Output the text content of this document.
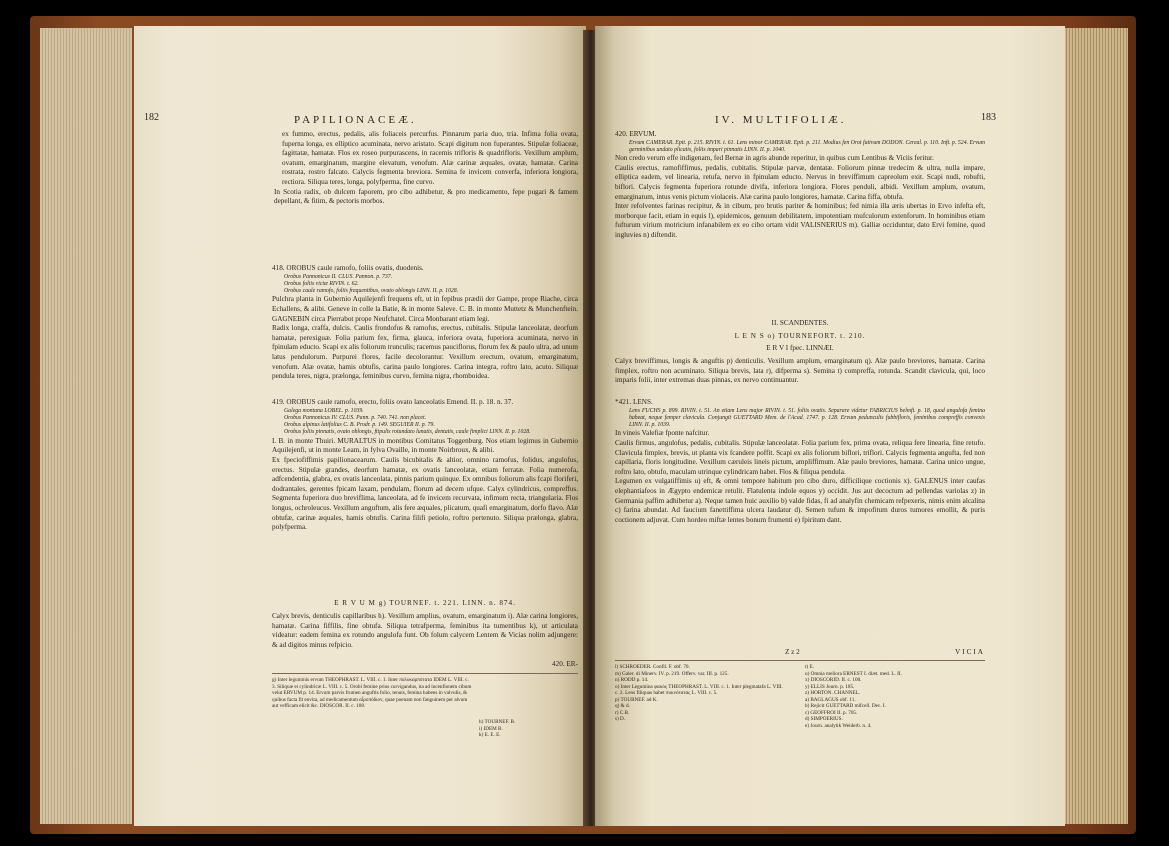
182	PAPILIONACEÆ.

ex fummo, erectus, pedalis, alis foliaceis percurfus. Pinnarum paria duo, tria. Infima folia ovata, fuperna longa, ex elliptico acuminata, nervo aristato. Scapi digitum non fuperantes. Stipulæ foliaceæ, fagittatæ, hamatæ. Flos ex roseo purpurascens, in racemis trifloris & quadrifloris. Vexillum amplum, ovatum, emarginatum, margine elevatum, venofum. Alæ carinæ æquales, ovatæ, hamatæ. Carina rostrata, rostro falcato. Calycis fegmenta breviora. Semina fe invicem converfa, inferiora longiora, rectiora. Siliqua teres, longa, polyfperma, fine curvo.

In Scotia radix, ob dulcem faporem, pro cibo adhibetur, & pro medicamento, fepe pugari & famem depellant, & fitim, & pectoris morbos.

418. OROBUS caule ramofo, foliis ovatis, duodenis.

Orobus Pannonicus II. CLUS. Pannon. p. 737.

Orobus foliis viciæ RIVIN. t. 62.

Orobus caule ramofo, foliis frequentibus, ovato oblongis LINN. II. p. 1028.

Pulchra planta in Gubernio Aquilejenfi frequens eft, ut in fepibus prædii der Gampe, prope Riache, circa Echallens, & alibi. Geneve in colle la Batie, & in monte Saleve. C. B. in monte Muttetz & Munchenftein. GAGNEBIN circa Pierrabot prope Neufchatel. Circa Monbarant etiam legi.

Radix longa, craffa, dulcis. Caulis frondofus & ramofus, erectus, cubitalis. Stipulæ lanceolatæ, deorfum hamatæ, perexiguæ. Folia parium fex, firma, glauca, inferiora ovata, fuperiora acuminata, nervo in fpinulam educto. Scapi ex alis foliorum trunculis; racemus pauciflorus, florum fex & paulo ultra, ad unum latus pendulorum. Purpurei flores, facile decolorantur. Vexillum erectum, ovatum, emarginatum, venofum. Alæ ovatæ, hamis obtufis, carina paulo longiores. Carina integra, roftro lato, acuto. Siliquæ pendula teres, nigra, prælonga, feminibus curvo, femina nigra, rhomboidea.

419. OROBUS caule ramofo, erecto, foliis ovato lanceolatis Emend. II. p. 18. n. 37.

Galega montana LOBEL. p. 1039.

Orobus Pannonicus IV. CLUS. Pann. p. 740. 741. non placet.

Orobus alpinus latifolius C. B. Prodr. p. 149. SEGUIER II. p. 79.

Orobus foliis pinnatis, ovato oblongis, ftipulis rotundato lunatis, dentatis, caule fimplici LINN. II. p. 1028.

I. B. in monte Thuiri. MURALTUS in montibus Comitatus Toggenburg. Nos etiam legimus in Gubernio Aquilejenfi, ut in monte Leam, in fylva Ovaille, in monte Noirbroux, & alibi.

Ex fpeciofiffimis papilionacearum. Caulis bicubitalis & altior, omnino ramofus, folidus, angulofus, erectus. Stipulæ grandes, deorfum hamatæ, ex ovatis lanceolatæ, etiam ferratæ. Folia numerofa, adfcendentia, glabra, ex ovatis lanceolata, pinnis parium quinque. Ex omnibus foliorum alis fcapi floriferi, dodrantales, gerentes fpicam laxam, pendulam, florum ad decem ufque. Calyx cylindricus, compreffus. Segmenta fuperiora duo breviflima, lanceolata, ad fe invicem recurvata, infimum recta, triangularia. Flos longus, ochroleucus. Vexillum anguftum, alis fere æquales, plicatum, quafi emarginatum, dorfo flavo. Alæ obtufæ, carinæ æquales, hamis obtufis. Carina filifi petiolo, roftro pertenuto. Siliqua prælonga, glabra, polyfperma.

E R V U M g) TOURNEF. t. 221. LINN. n. 874.
Calyx brevis, denticulis capillaribus h). Vexillum amplius, ovatum, emarginatum i). Alæ carina longiores, hamatæ. Carina fiffilis, fine obtufa. Siliqua tetrafperma, feminibus ita tumentibus k), ut articulata videatur: eadem femina ex rotundo angulofa funt. Ob folum calycem Lentem & Vicias nolim adjungere: & ad digitos minus refpicio.
420. ER-
g) Inter leguminis ervum THEOPHRAST. L. VIII. c. 1. Inter πολυκαρπότατα IDEM L. VIII. c. 3. Siliquæ ei cylindricæ L. VIII. c. 5. Orobi femine prius curvigandus, ita ad incenfionem cibum velut ERVUM p. 14. Ervum parvis frumen anguftis folio, tenuis, femina habens in valvulis, & quibus facta fit envita, ad medicamentum αἶροπόδιον, quae poenam non fanguinem per alvum aut vefficam elicit &c. DIOSCOR. II. c. 108.
h) TOURNEF. B.
i) IDEM B.
k) E. E. E.
IV. MULTIFOLIÆ.	183

420. ERVUM.

Ervum CAMERAR. Epit. p. 215. RIVIN. t. 61. Lens minor CAMERAR. Epit. p. 211. Modius fen Orot fativum DODON. Cereal. p. 110. Inft. p. 524. Ervum germinibus undato plicatis, foliis impari pinnatis LINN. II. p. 1040.

Non credo verum effe indigenam, fed Bernæ in agris abunde reperitur, in quibus cum Lentibus & Viciis feritur.

Caulis erectus, ramofiffimus, pedalis, cubitalis. Stipulæ parvæ, dentatæ. Foliorum pinnæ tredecim & ultra, nulla impare, elliptica eadem, vel linearia, retufa, nervo in fpinulam educto. Nervus in breviffimum capreolum exit. Scapi nudi, robufti, biflori. Calycis fegmenta fuperiora rotunde divifa, inferiora longiora. Flores penduli, albidi. Vexillum amplum, ovatum, emarginatum, intus venis pictum violaceis. Alæ carina paulo longiores, hamatæ. Carina fiffa, obtufa.

Inter refolventes farinas recipitur, & in cibum, pro brutis pariter & hominibus; fed nimia illa æris ubertas in Ervo infefta eft, morborque facit, etiam in equis l), epidemicos, genuum debilitatem, impotentiam mufculorum extenforum. In hominibus etiam fufturum virium motricium infanabilem ex eo cibo ortam vidit VALISNERIUS m). Galliæ occiduntur, dato Ervi femine, quod ingluvies n) diftendit.

II. SCANDENTES.
L E N S o) TOURNEFORT. t. 210.
E R V I fpec. LINNÆI.
Calyx breviffimus, longis & anguftis p) denticulis. Vexillum amplum, emarginatum q). Alæ paulo breviores, hamatæ. Carina fimplex, roftro non acuminato. Siliqua brevis, lata r), difperma s). Semina t) compreffa, rotunda. Scandit clavicula, qui, loco imparis folii, inter extremas duas pinnas, ex nervo continuantur.

*421. LENS.

Lens FUCHS p. 899. RIVIN. t. 51. An etiam Lens major RIVIN. t. 51. foliis ovatis. Separare videtur FABRICIUS helmft. p. 18, quod angulofa femina habeat, neque femper clavicula. Conjungit GUETTARD Mem. de l'Acad. 1747. p. 128. Ervum pedunculis fubbifloris, feminibus compreffis convexis LINN. II. p. 1039.

In vineis Valefiæ fponte nafcitur.

Caulis firmus, angulofus, pedalis, cubitalis. Stipulæ lanceolatæ. Folia parium fex, prima ovata, reliqua fere linearia, fine retufo. Clavicula fimplex, brevis, ut planta vix fcandere poffit. Scapi ex alis foliorum biflori, triflori. Calycis fegmenta angufta, fed non capillaria, floris longitudine. Vexillum cæruleis lineis pictum, ampliffimum. Alæ paulo breviores, hamatæ. Carina unico ungue, roftro lato, obtufo, maculam utrinque cylindricam habet. Flos & filiqua pendula.

Legumen ex vulgatiffimis u) eft, & omni tempore habitum pro cibo duro, difficilique coctionis x). GALENUS inter caufas elephantiafeos in Ægypto endemicæ retulit. Flatulenta indole equos y) occidit. Jus aut decoctum ad pellendas variolas z) in Germania paffim adhibetur a). Neque tamen huic auxilio b) valde fidas, fi ad analyfin chemicam refpexeris, nimis enim alcalina c) farina abundat. Ad faucium fanettiffima ulcera laudatur d). Semen tufum & impofitum duros tumores emollit, & puris coctionem adjuvat. Cum hordeo miftæ lentes bonum frumenti e) fpiritum dant.

Z z 2	VICIA
l) SCHROEDER. Confil. F. obf. 70.
m) Galer. di Minerv. IV. p. 219. Offerv. var. III. p. 125.
n) RODD p. 14.
o) Inter Legumina φακὸς THEOPHRAST. L. VIII. c. 1. Inter plegmatafa L. VIII. c. 2. Lens filiquas habet πυκνότατας L. VIII. c. 5.
p) TOURNEF. ad K.
q) & d.
r) C.B.
s) D.
t) E.
u) Omnia meliora ERNEST I. diæt. med. L. II.
x) DIOSCORID. II. c. 100.
y) ELLIS Journ. p. 185.
z) HORTON. CHANNEL.
a) BAGLAGUS obf. 11.
b) Rejicit GUETTARD mifcell. Dec. I.
c) GEOFFROI II. p. 705.
d) SIMPOERIUS.
e) Journ. analytik Weiderb. n. 4.
